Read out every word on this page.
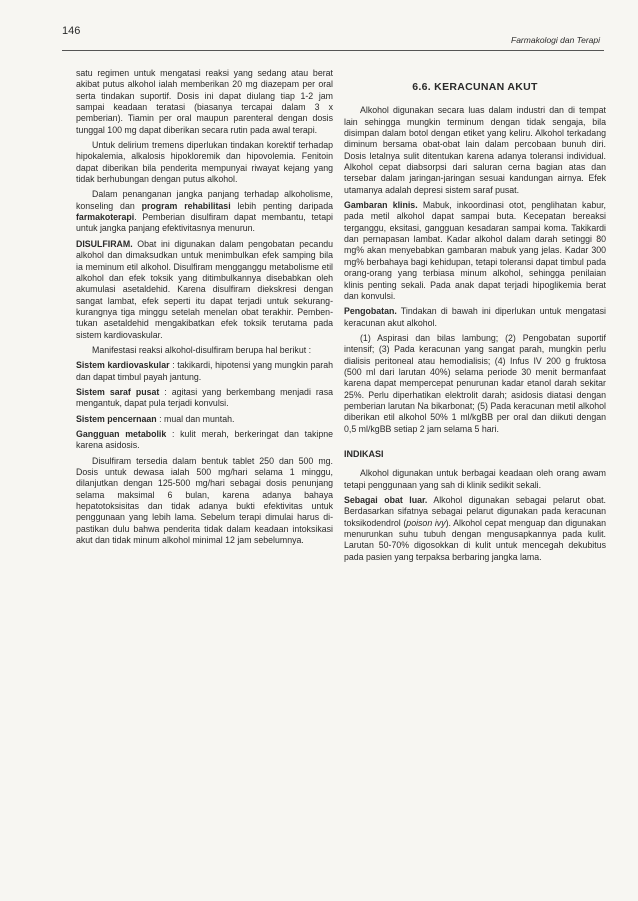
146
Farmakologi dan Terapi

satu regimen untuk mengatasi reaksi yang sedang atau berat akibat putus alkohol ialah memberikan 20 mg diazepam per oral serta tindakan suportif. Dosis ini dapat diulang tiap 1-2 jam sampai keadaan teratasi (biasanya tercapai dalam 3 x pemberian). Tiamin per oral maupun parenteral dengan dosis tunggal 100 mg dapat diberikan secara rutin pada awal terapi.

Untuk delirium tremens diperlukan tindakan korektif terhadap hipokalemia, alkalosis hipokloremik dan hipovolemia. Fenitoin dapat diberikan bila penderita mempunyai riwayat kejang yang tidak berhubungan dengan putus alkohol.

Dalam penanganan jangka panjang terhadap alkoholisme, konseling dan program rehabilitasi lebih penting daripada farmakoterapi. Pemberian disulfiram dapat membantu, tetapi untuk jangka panjang efektivitasnya menurun.

DISULFIRAM. Obat ini digunakan dalam pengobatan pecandu alkohol dan dimaksudkan untuk menimbulkan efek samping bila ia meminum etil alkohol. Disulfiram mengganggu metabolisme etil alkohol dan efek toksik yang ditimbulkannya disebabkan oleh akumulasi asetaldehid. Karena disulfiram diekskresi dengan sangat lambat, efek seperti itu dapat terjadi untuk sekurang-kurangnya tiga minggu setelah menelan obat terakhir. Pembentukan asetaldehid mengakibatkan efek toksik terutama pada sistem kardiovaskular.

Manifestasi reaksi alkohol-disulfiram berupa hal berikut :

Sistem kardiovaskular : takikardi, hipotensi yang mungkin parah dan dapat timbul payah jantung.

Sistem saraf pusat : agitasi yang berkembang menjadi rasa mengantuk, dapat pula terjadi konvulsi.

Sistem pencernaan : mual dan muntah.

Gangguan metabolik : kulit merah, berkeringat dan takipne karena asidosis.

Disulfiram tersedia dalam bentuk tablet 250 dan 500 mg. Dosis untuk dewasa ialah 500 mg/hari selama 1 minggu, dilanjutkan dengan 125-500 mg/hari sebagai dosis penunjang selama maksimal 6 bulan, karena adanya bahaya hepatotoksisitas dan tidak adanya bukti efektivitas untuk penggunaan yang lebih lama. Sebelum terapi dimulai harus dipastikan dulu bahwa penderita tidak dalam keadaan intoksikasi akut dan tidak minum alkohol minimal 12 jam sebelumnya.

6.6. KERACUNAN AKUT

Alkohol digunakan secara luas dalam industri dan di tempat lain sehingga mungkin terminum dengan tidak sengaja, bila disimpan dalam botol dengan etiket yang keliru. Alkohol terkadang diminum bersama obat-obat lain dalam percobaan bunuh diri. Dosis letalnya sulit ditentukan karena adanya toleransi individual. Alkohol cepat diabsorpsi dari saluran cerna bagian atas dan tersebar dalam jaringan-jaringan sesuai kandungan airnya. Efek utamanya adalah depresi sistem saraf pusat.

Gambaran klinis. Mabuk, inkoordinasi otot, penglihatan kabur, pada metil alkohol dapat sampai buta. Kecepatan bereaksi terganggu, eksitasi, gangguan kesadaran sampai koma. Takikardi dan pernapasan lambat. Kadar alkohol dalam darah setinggi 80 mg% akan menyebabkan gambaran mabuk yang jelas. Kadar 300 mg% berbahaya bagi kehidupan, tetapi toleransi dapat timbul pada orang-orang yang terbiasa minum alkohol, sehingga penilaian klinis penting sekali. Pada anak dapat terjadi hipoglikemia berat dan konvulsi.

Pengobatan. Tindakan di bawah ini diperlukan untuk mengatasi keracunan akut alkohol.

(1) Aspirasi dan bilas lambung; (2) Pengobatan suportif intensif; (3) Pada keracunan yang sangat parah, mungkin perlu dialisis peritoneal atau hemodialisis; (4) Infus IV 200 g fruktosa (500 ml dari larutan 40%) selama periode 30 menit bermanfaat karena dapat mempercepat penurunan kadar etanol darah sekitar 25%. Perlu diperhatikan elektrolit darah; asidosis diatasi dengan pemberian larutan Na bikarbonat; (5) Pada keracunan metil alkohol diberikan etil alkohol 50% 1 ml/kgBB per oral dan diikuti dengan 0,5 ml/kgBB setiap 2 jam selama 5 hari.

INDIKASI

Alkohol digunakan untuk berbagai keadaan oleh orang awam tetapi penggunaan yang sah di klinik sedikit sekali.

Sebagai obat luar. Alkohol digunakan sebagai pelarut obat. Berdasarkan sifatnya sebagai pelarut digunakan pada keracunan toksikodendrol (poison ivy). Alkohol cepat menguap dan digunakan menurunkan suhu tubuh dengan mengusapkannya pada kulit. Larutan 50-70% digosokkan di kulit untuk mencegah dekubitus pada pasien yang terpaksa berbaring jangka lama.
